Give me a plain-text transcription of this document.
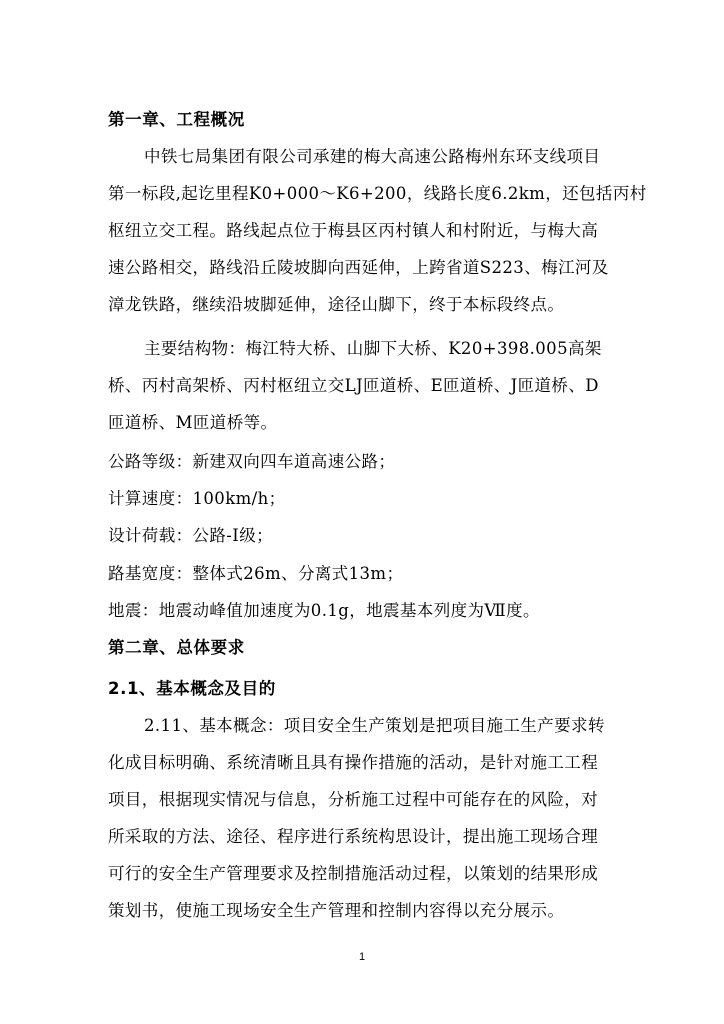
第一章、工程概况
中铁七局集团有限公司承建的梅大高速公路梅州东环支线项目
第一标段,起讫里程K0+000～K6+200，线路长度6.2km，还包括丙村
枢纽立交工程。路线起点位于梅县区丙村镇人和村附近，与梅大高
速公路相交，路线沿丘陵坡脚向西延伸，上跨省道S223、梅江河及
漳龙铁路，继续沿坡脚延伸，途径山脚下，终于本标段终点。
主要结构物：梅江特大桥、山脚下大桥、K20+398.005高架
桥、丙村高架桥、丙村枢纽立交LJ匝道桥、E匝道桥、J匝道桥、D
匝道桥、M匝道桥等。
公路等级：新建双向四车道高速公路；
计算速度：100km/h；
设计荷载：公路-I级；
路基宽度：整体式26m、分离式13m；
地震：地震动峰值加速度为0.1g，地震基本列度为Ⅶ度。
第二章、总体要求
2.1、基本概念及目的
2.11、基本概念：项目安全生产策划是把项目施工生产要求转
化成目标明确、系统清晰且具有操作措施的活动，是针对施工工程
项目，根据现实情况与信息，分析施工过程中可能存在的风险，对
所采取的方法、途径、程序进行系统构思设计，提出施工现场合理
可行的安全生产管理要求及控制措施活动过程，以策划的结果形成
策划书，使施工现场安全生产管理和控制内容得以充分展示。
1
